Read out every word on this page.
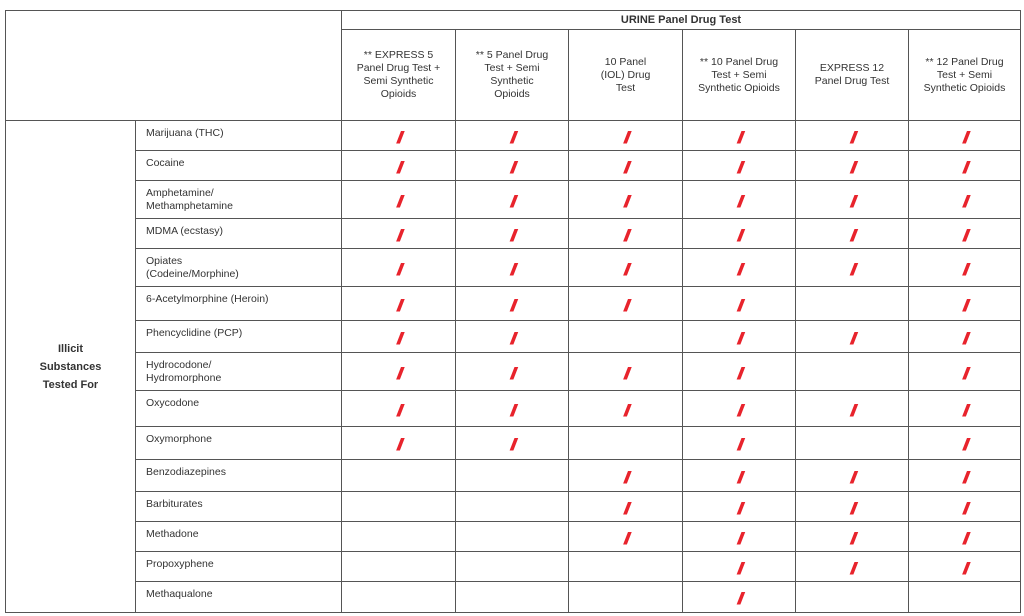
		URINE Panel Drug Test					
		** EXPRESS 5
Panel Drug Test +
Semi Synthetic
Opioids	** 5 Panel Drug
Test + Semi
Synthetic
Opioids	10 Panel
(IOL) Drug
Test	** 10 Panel Drug
Test + Semi
Synthetic Opioids	EXPRESS 12
Panel Drug Test	** 12 Panel Drug
Test + Semi
Synthetic Opioids
Illicit
Substances
Tested For	Marijuana (THC)	//	//	//	//	//	//
	Cocaine	//	//	//	//	//	//
	Amphetamine/
Methamphetamine	//	//	//	//	//	//
	MDMA (ecstasy)	//	//	//	//	//	//
	Opiates
(Codeine/Morphine)	//	//	//	//	//	//
	6-Acetylmorphine (Heroin)	//	//	//	//		//
	Phencyclidine (PCP)	//	//		//	//	//
	Hydrocodone/
Hydromorphone	//	//	//	//		//
	Oxycodone	//	//	//	//	//	//
	Oxymorphone	//	//		//		//
	Benzodiazepines			//	//	//	//
	Barbiturates			//	//	//	//
	Methadone			//	//	//	//
	Propoxyphene				//	//	//
	Methaqualone				//		
